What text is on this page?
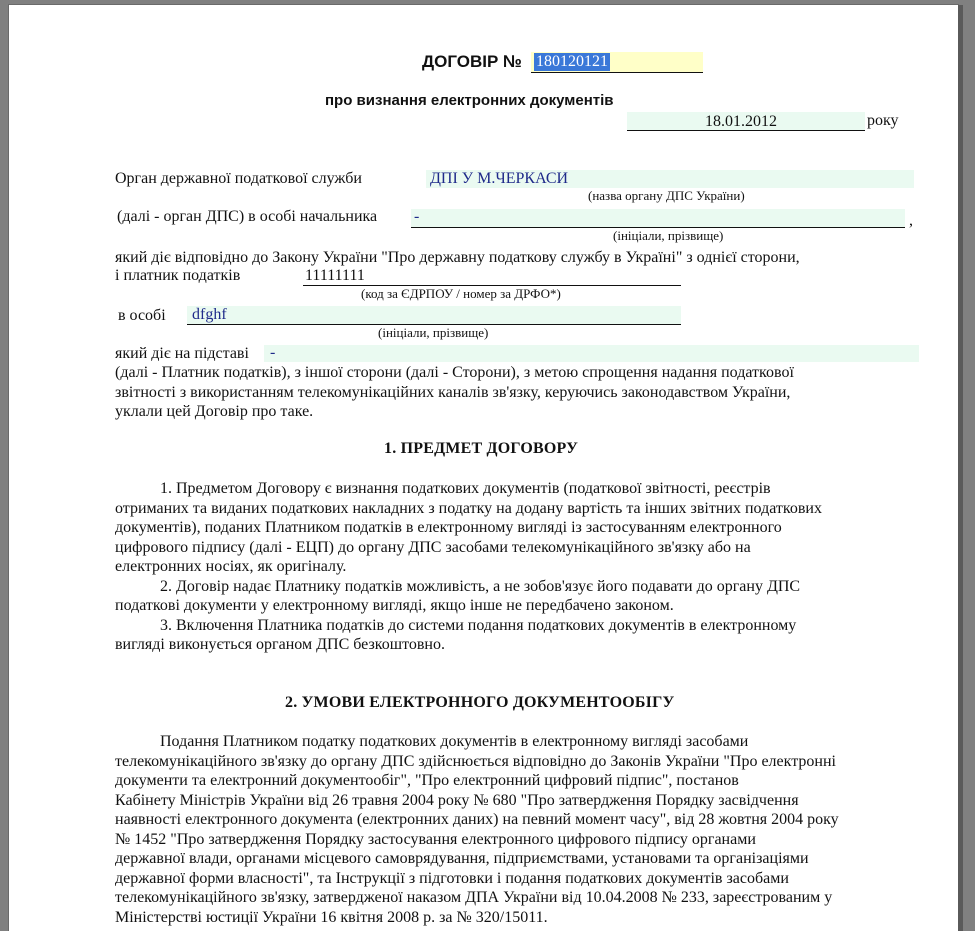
ДОГОВІР № 180120121
про визнання електронних документів
18.01.2012	року
Орган державної податкової служби	ДПІ У М.ЧЕРКАСИ
(назва органу ДПС України)
(далі - орган ДПС) в особі начальника -	,
(ініціали, прізвище)
який діє відповідно до Закону України "Про державну податкову службу в Україні" з однієї сторони,
і платник податків	11111111
(код за ЄДРПОУ / номер за ДРФО*)
в особі dfghf
(ініціали, прізвище)
який діє на підставі -
(далі - Платник податків), з іншої сторони (далі - Сторони), з метою спрощення надання податкової
звітності з використанням телекомунікаційних каналів зв'язку, керуючись законодавством України,
уклали цей Договір про таке.
1. ПРЕДМЕТ ДОГОВОРУ
1. Предметом Договору є визнання податкових документів (податкової звітності, реєстрів
отриманих та виданих податкових накладних з податку на додану вартість та інших звітних податкових
документів), поданих Платником податків в електронному вигляді із застосуванням електронного
цифрового підпису (далі - ЕЦП) до органу ДПС засобами телекомунікаційного зв'язку або на
електронних носіях, як оригіналу.
2. Договір надає Платнику податків можливість, а не зобов'язує його подавати до органу ДПС
податкові документи у електронному вигляді, якщо інше не передбачено законом.
3. Включення Платника податків до системи подання податкових документів в електронному
вигляді виконується органом ДПС безкоштовно.
2. УМОВИ ЕЛЕКТРОННОГО ДОКУМЕНТООБІГУ
Подання Платником податку податкових документів в електронному вигляді засобами
телекомунікаційного зв'язку до органу ДПС здійснюється відповідно до Законів України "Про електронні
документи та електронний документообіг", "Про електронний цифровий підпис", постанов
Кабінету Міністрів України від 26 травня 2004 року № 680 "Про затвердження Порядку засвідчення
наявності електронного документа (електронних даних) на певний момент часу", від 28 жовтня 2004 року
№ 1452 "Про затвердження Порядку застосування електронного цифрового підпису органами
державної влади, органами місцевого самоврядування, підприємствами, установами та організаціями
державної форми власності", та Інструкції з підготовки і подання податкових документів засобами
телекомунікаційного зв'язку, затвердженої наказом ДПА України від 10.04.2008 № 233, зареєстрованим у
Міністерстві юстиції України 16 квітня 2008 р. за № 320/15011.
